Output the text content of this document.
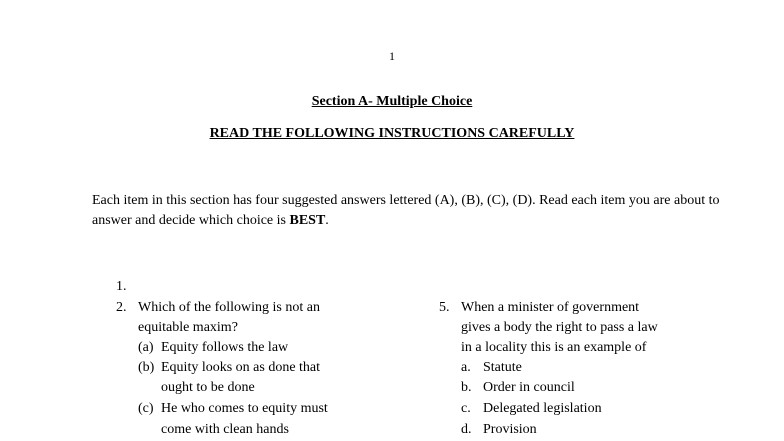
1
Section A- Multiple Choice
READ THE FOLLOWING INSTRUCTIONS CAREFULLY
Each item in this section has four suggested answers lettered (A), (B), (C), (D). Read each item you are about to answer and decide which choice is BEST.
1.
2. Which of the following is not an
equitable maxim?
(a) Equity follows the law
(b) Equity looks on as done that
ought to be done
(c) He who comes to equity must
come with clean hands
5. When a minister of government
gives a body the right to pass a law
in a locality this is an example of
a. Statute
b. Order in council
c. Delegated legislation
d. Provision
